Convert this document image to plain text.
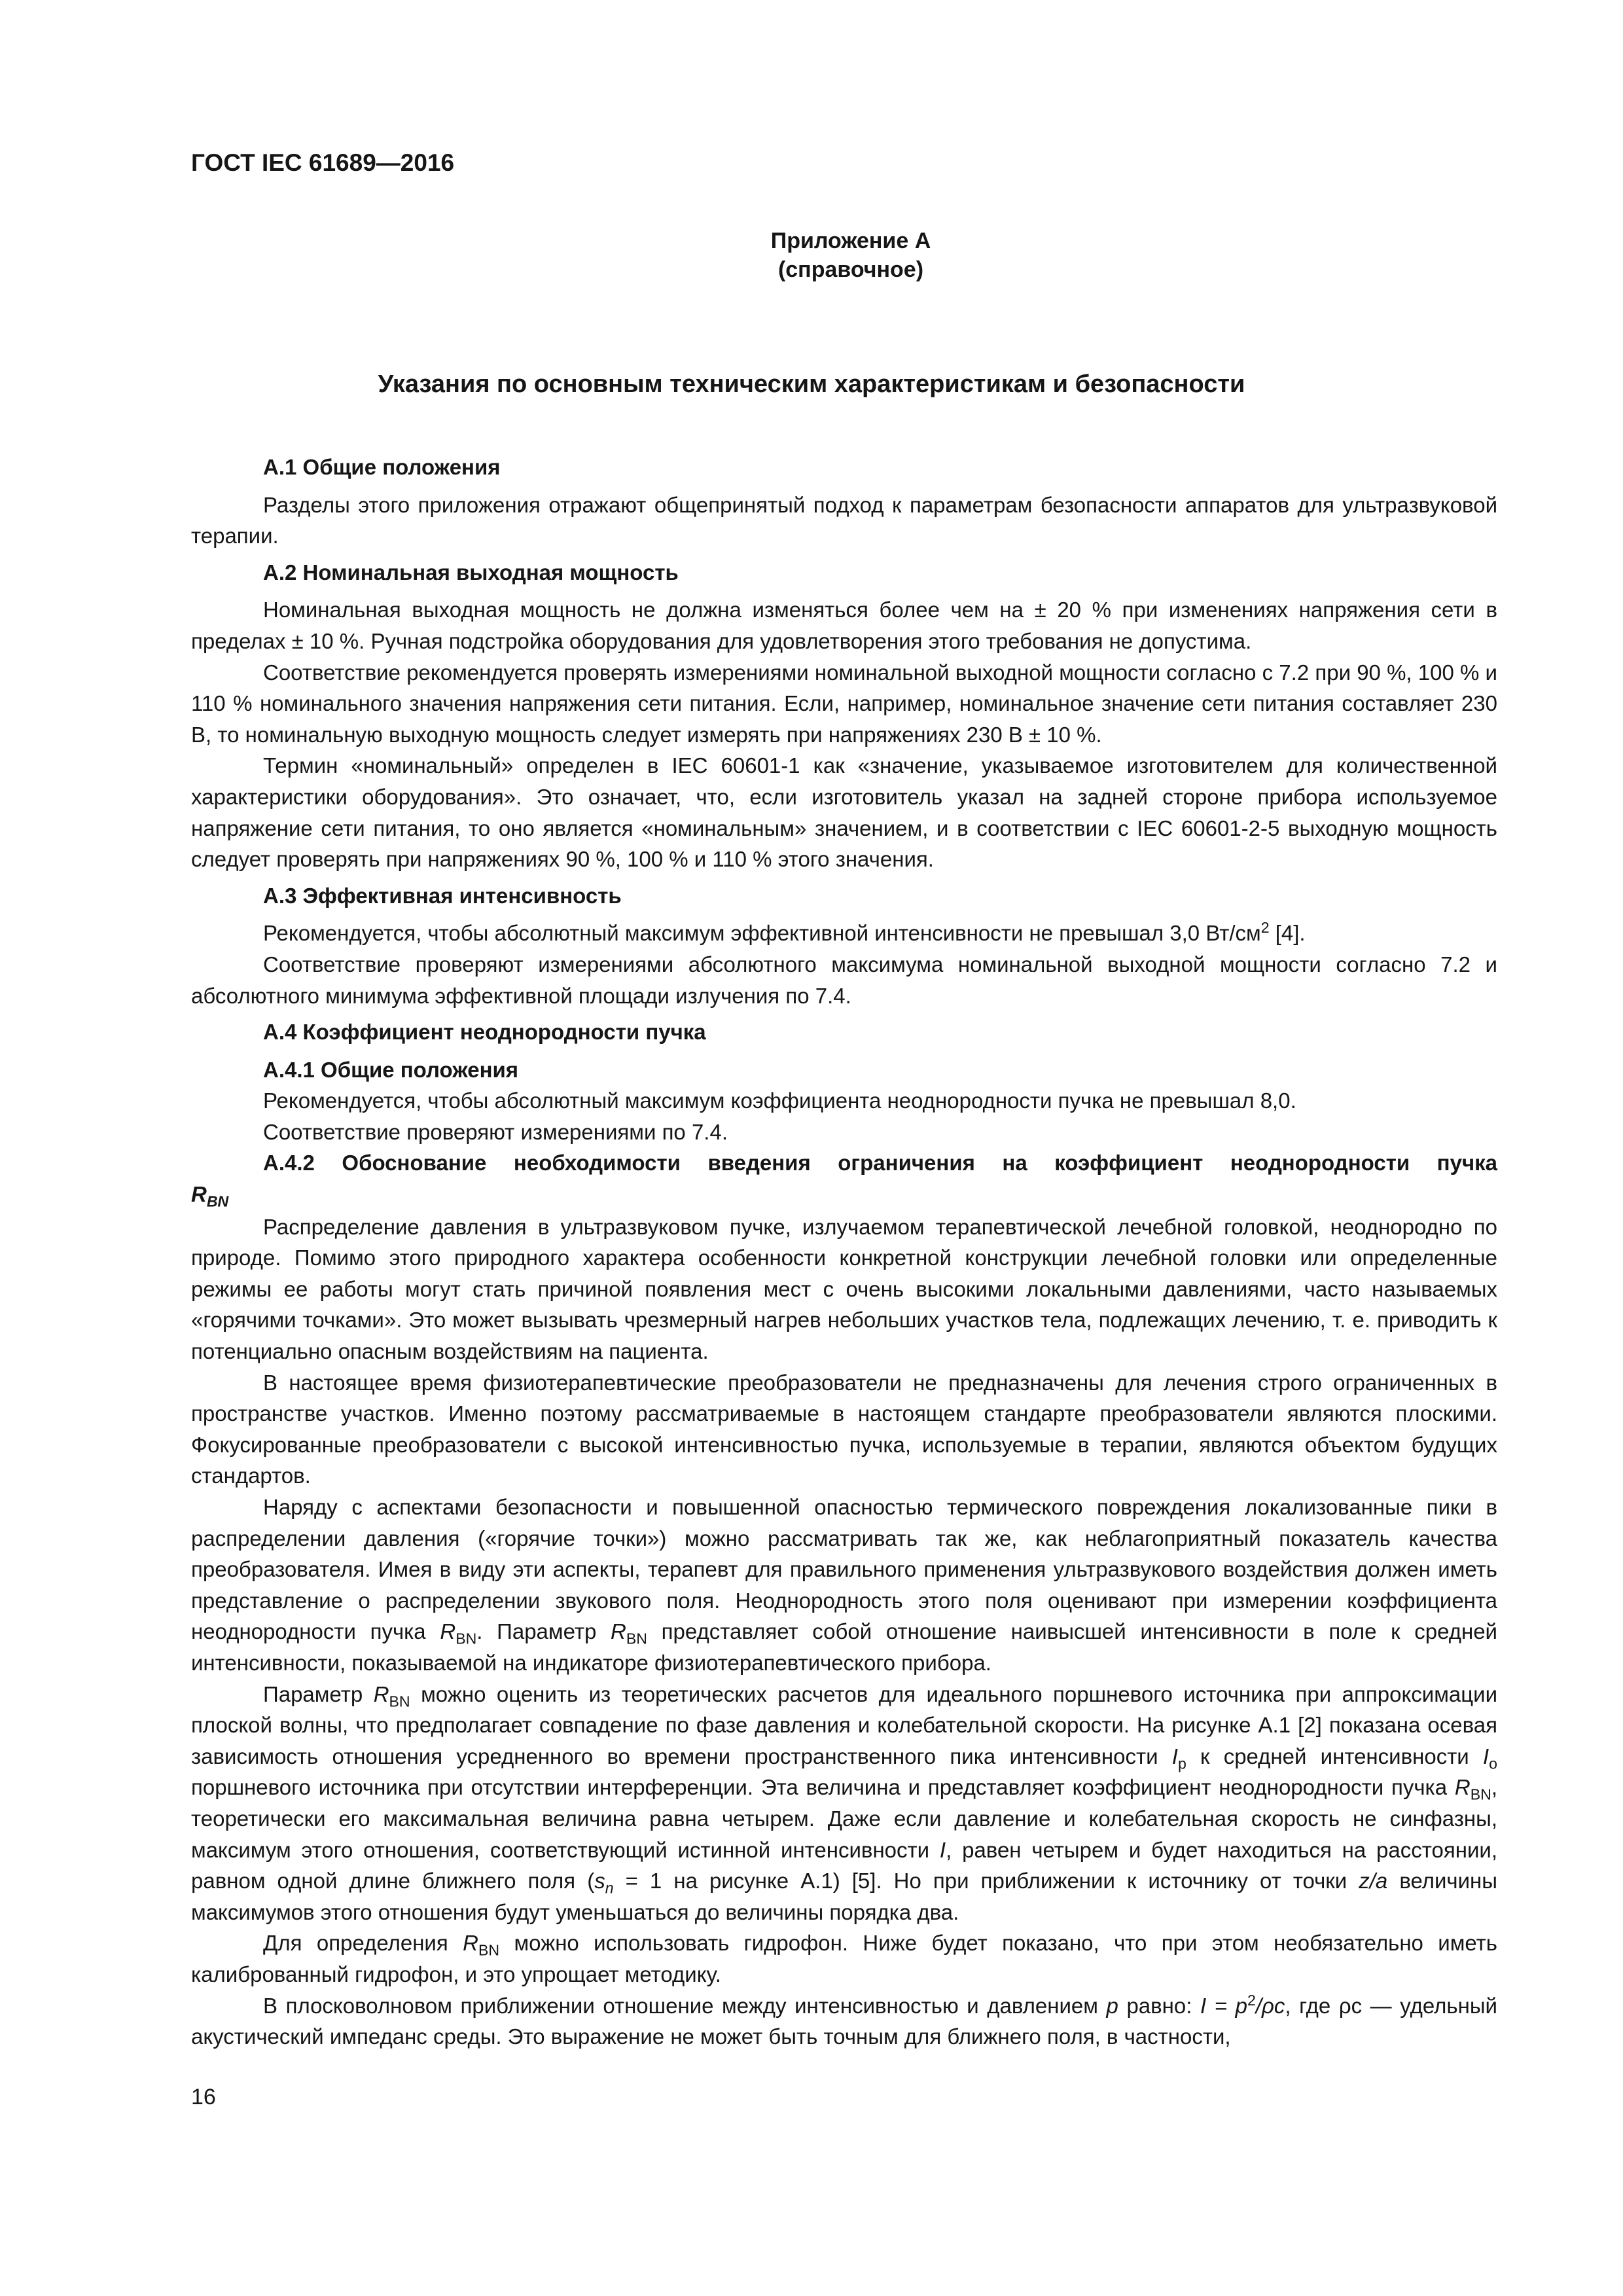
ГОСТ IEC 61689—2016
Приложение А
(справочное)
Указания по основным техническим характеристикам и безопасности
А.1 Общие положения

Разделы этого приложения отражают общепринятый подход к параметрам безопасности аппаратов для ультразвуковой терапии.

А.2 Номинальная выходная мощность

Номинальная выходная мощность не должна изменяться более чем на ± 20 % при изменениях напряжения сети в пределах ± 10 %. Ручная подстройка оборудования для удовлетворения этого требования не допустима.

Соответствие рекомендуется проверять измерениями номинальной выходной мощности согласно с 7.2 при 90 %, 100 % и 110 % номинального значения напряжения сети питания. Если, например, номинальное значение сети питания составляет 230 В, то номинальную выходную мощность следует измерять при напряжениях 230 В ± 10 %.

Термин «номинальный» определен в IEC 60601-1 как «значение, указываемое изготовителем для количественной характеристики оборудования». Это означает, что, если изготовитель указал на задней стороне прибора используемое напряжение сети питания, то оно является «номинальным» значением, и в соответствии с IEC 60601-2-5 выходную мощность следует проверять при напряжениях 90 %, 100 % и 110 % этого значения.

А.3 Эффективная интенсивность

Рекомендуется, чтобы абсолютный максимум эффективной интенсивности не превышал 3,0 $Вт/см^2$ [4].

Соответствие проверяют измерениями абсолютного максимума номинальной выходной мощности согласно 7.2 и абсолютного минимума эффективной площади излучения по 7.4.

А.4 Коэффициент неоднородности пучка
А.4.1 Общие положения

Рекомендуется, чтобы абсолютный максимум коэффициента неоднородности пучка не превышал 8,0.

Соответствие проверяют измерениями по 7.4.

А.4.2 Обоснование необходимости введения ограничения на коэффициент неоднородности пучка
$R_{BN}$

Распределение давления в ультразвуковом пучке, излучаемом терапевтической лечебной головкой, неоднородно по природе. Помимо этого природного характера особенности конкретной конструкции лечебной головки или определенные режимы ее работы могут стать причиной появления мест с очень высокими локальными давлениями, часто называемых «горячими точками». Это может вызывать чрезмерный нагрев небольших участков тела, подлежащих лечению, т. е. приводить к потенциально опасным воздействиям на пациента.

В настоящее время физиотерапевтические преобразователи не предназначены для лечения строго ограниченных в пространстве участков. Именно поэтому рассматриваемые в настоящем стандарте преобразователи являются плоскими. Фокусированные преобразователи с высокой интенсивностью пучка, используемые в терапии, являются объектом будущих стандартов.

Наряду с аспектами безопасности и повышенной опасностью термического повреждения локализованные пики в распределении давления («горячие точки») можно рассматривать так же, как неблагоприятный показатель качества преобразователя. Имея в виду эти аспекты, терапевт для правильного применения ультразвукового воздействия должен иметь представление о распределении звукового поля. Неоднородность этого поля оценивают при измерении коэффициента неоднородности пучка $R_{BN}$. Параметр $R_{BN}$ представляет собой отношение наивысшей интенсивности в поле к средней интенсивности, показываемой на индикаторе физиотерапевтического прибора.

Параметр $R_{BN}$ можно оценить из теоретических расчетов для идеального поршневого источника при аппроксимации плоской волны, что предполагает совпадение по фазе давления и колебательной скорости. На рисунке А.1 [2] показана осевая зависимость отношения усредненного во времени пространственного пика интенсивности $I_p$ к средней интенсивности $I_o$ поршневого источника при отсутствии интерференции. Эта величина и представляет коэффициент неоднородности пучка $R_{BN}$, теоретически его максимальная величина равна четырем. Даже если давление и колебательная скорость не синфазны, максимум этого отношения, соответствующий истинной интенсивности I, равен четырем и будет находиться на расстоянии, равном одной длине ближнего поля ($s_n = 1$ на рисунке А.1) [5]. Но при приближении к источнику от точки z/a величины максимумов этого отношения будут уменьшаться до величины порядка два.

Для определения $R_{BN}$ можно использовать гидрофон. Ниже будет показано, что при этом необязательно иметь калиброванный гидрофон, и это упрощает методику.

В плосковолновом приближении отношение между интенсивностью и давлением p равно: $I = p^2/\rho c$, где ρc — удельный акустический импеданс среды. Это выражение не может быть точным для ближнего поля, в частности,

16
